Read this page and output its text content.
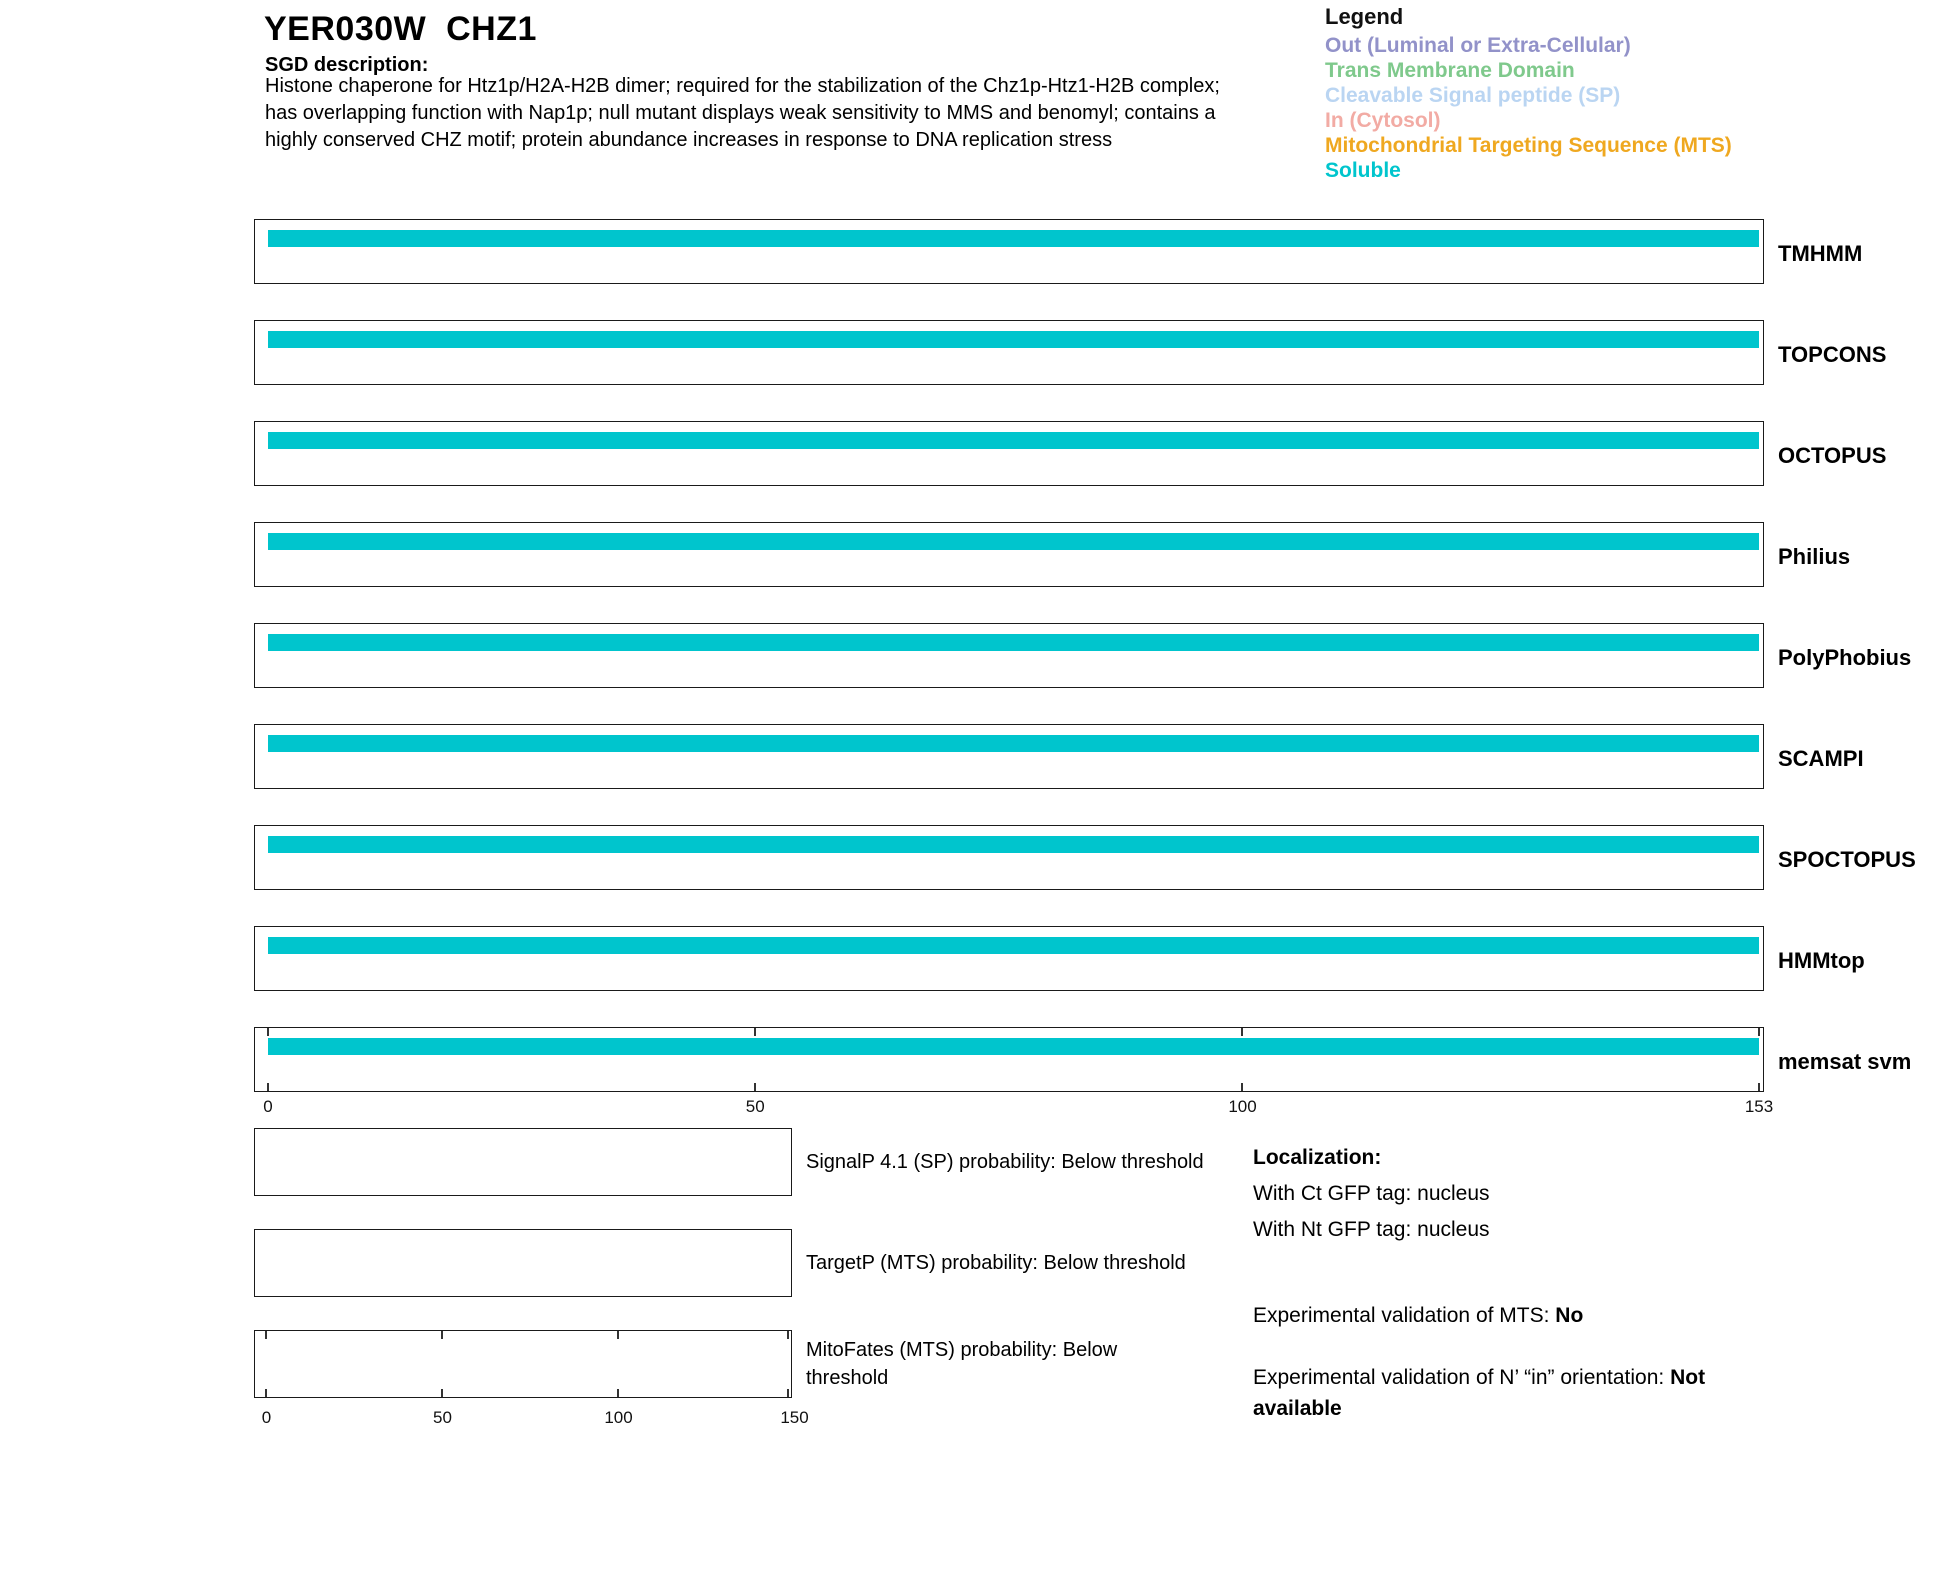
YER030W  CHZ1
SGD description:
Histone chaperone for Htz1p/H2A-H2B dimer; required for the stabilization of the Chz1p-Htz1-H2B complex;
has overlapping function with Nap1p; null mutant displays weak sensitivity to MMS and benomyl; contains a
highly conserved CHZ motif; protein abundance increases in response to DNA replication stress
Legend
Out (Luminal or Extra-Cellular)
Trans Membrane Domain
Cleavable Signal peptide (SP)
In (Cytosol)
Mitochondrial Targeting Sequence (MTS)
Soluble
TMHMM
TOPCONS
OCTOPUS
Philius
PolyPhobius
SCAMPI
SPOCTOPUS
HMMtop
memsat svm
0	50	100	153
SignalP 4.1 (SP) probability: Below threshold
TargetP (MTS) probability: Below threshold
0	50	100	150
MitoFates (MTS) probability: Below
threshold
Localization:
With Ct GFP tag: nucleus
With Nt GFP tag: nucleus
Experimental validation of MTS: No
Experimental validation of N’ “in” orientation: Not available
